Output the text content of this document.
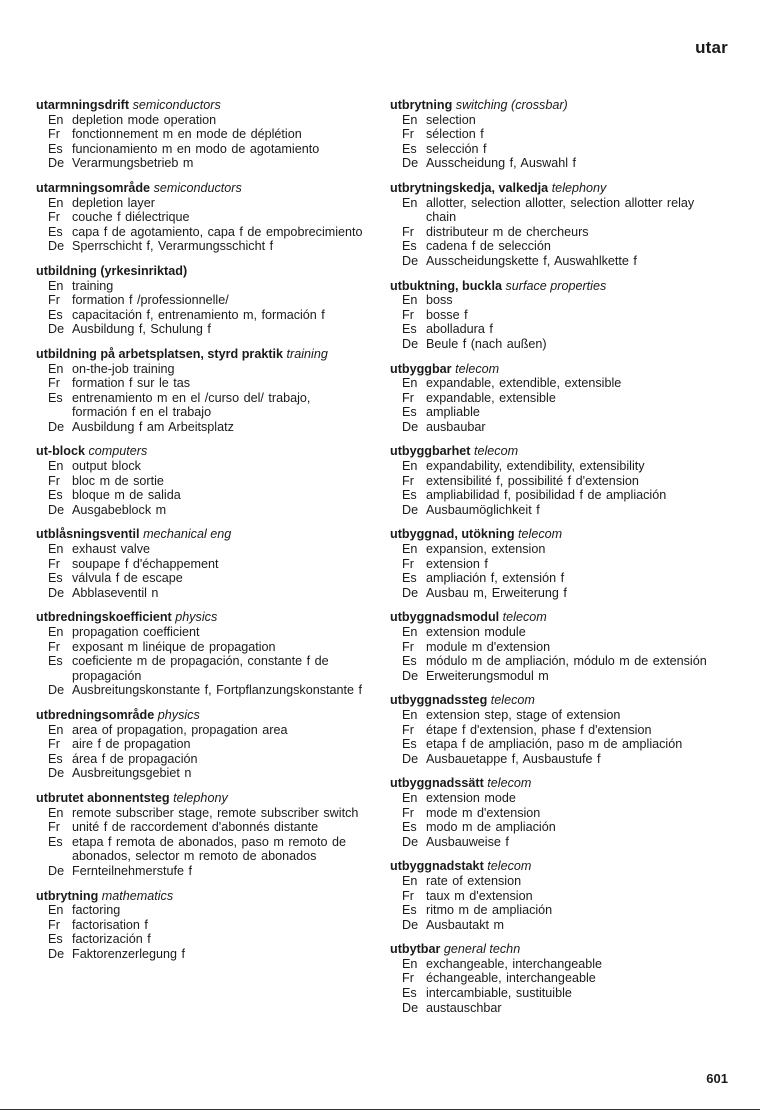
utar
utarmningsdrift semiconductors
En depletion mode operation
Fr fonctionnement m en mode de déplétion
Es funcionamiento m en modo de agotamiento
De Verarmungsbetrieb m
utarmningsområde semiconductors
En depletion layer
Fr couche f diélectrique
Es capa f de agotamiento, capa f de empobrecimiento
De Sperrschicht f, Verarmungsschicht f
utbildning (yrkesinriktad)
En training
Fr formation f /professionnelle/
Es capacitación f, entrenamiento m, formación f
De Ausbildung f, Schulung f
utbildning på arbetsplatsen, styrd praktik training
En on-the-job training
Fr formation f sur le tas
Es entrenamiento m en el /curso del/ trabajo, formación f en el trabajo
De Ausbildung f am Arbeitsplatz
ut-block computers
En output block
Fr bloc m de sortie
Es bloque m de salida
De Ausgabeblock m
utblåsningsventil mechanical eng
En exhaust valve
Fr soupape f d'échappement
Es válvula f de escape
De Abblaseventil n
utbredningskoefficient physics
En propagation coefficient
Fr exposant m linéique de propagation
Es coeficiente m de propagación, constante f de propagación
De Ausbreitungskonstante f, Fortpflanzungskonstante f
utbredningsområde physics
En area of propagation, propagation area
Fr aire f de propagation
Es área f de propagación
De Ausbreitungsgebiet n
utbrutet abonnentsteg telephony
En remote subscriber stage, remote subscriber switch
Fr unité f de raccordement d'abonnés distante
Es etapa f remota de abonados, paso m remoto de abonados, selector m remoto de abonados
De Fernteilnehmerstufe f
utbrytning mathematics
En factoring
Fr factorisation f
Es factorización f
De Faktorenzerlegung f
utbrytning switching (crossbar)
En selection
Fr sélection f
Es selección f
De Ausscheidung f, Auswahl f
utbrytningskedja, valkedja telephony
En allotter, selection allotter, selection allotter relay chain
Fr distributeur m de chercheurs
Es cadena f de selección
De Ausscheidungskette f, Auswahlkette f
utbuktning, buckla surface properties
En boss
Fr bosse f
Es abolladura f
De Beule f (nach außen)
utbyggbar telecom
En expandable, extendible, extensible
Fr expandable, extensible
Es ampliable
De ausbaubar
utbyggbarhet telecom
En expandability, extendibility, extensibility
Fr extensibilité f, possibilité f d'extension
Es ampliabilidad f, posibilidad f de ampliación
De Ausbaumöglichkeit f
utbyggnad, utökning telecom
En expansion, extension
Fr extension f
Es ampliación f, extensión f
De Ausbau m, Erweiterung f
utbyggnadsmodul telecom
En extension module
Fr module m d'extension
Es módulo m de ampliación, módulo m de extensión
De Erweiterungsmodul m
utbyggnadssteg telecom
En extension step, stage of extension
Fr étape f d'extension, phase f d'extension
Es etapa f de ampliación, paso m de ampliación
De Ausbauetappe f, Ausbaustufe f
utbyggnadssätt telecom
En extension mode
Fr mode m d'extension
Es modo m de ampliación
De Ausbauweise f
utbyggnadstakt telecom
En rate of extension
Fr taux m d'extension
Es ritmo m de ampliación
De Ausbautakt m
utbytbar general techn
En exchangeable, interchangeable
Fr échangeable, interchangeable
Es intercambiable, sustituible
De austauschbar
601
